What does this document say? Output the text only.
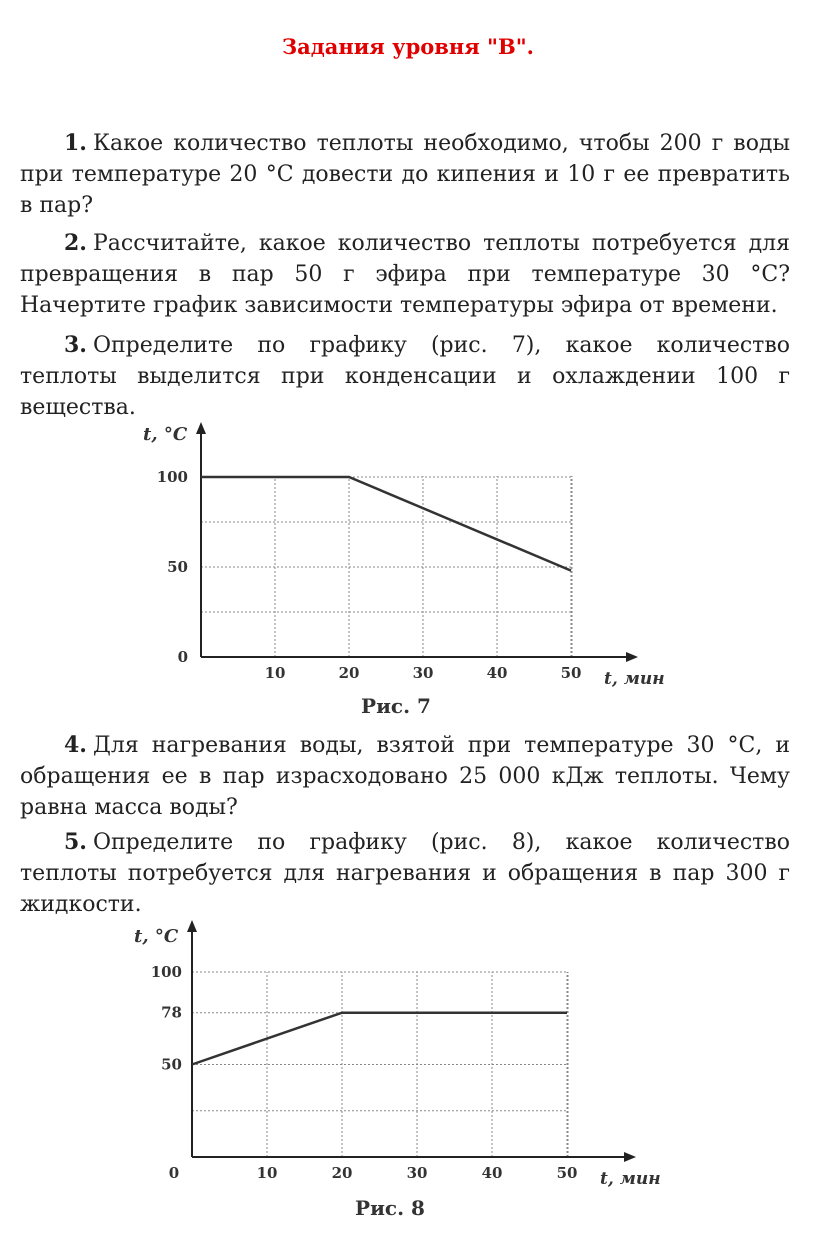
Задания уровня "В".
1. Какое количество теплоты необходимо, чтобы 200 г воды при температуре 20 °С довести до кипения и 10 г ее превратить в пар?
2. Рассчитайте, какое количество теплоты потребуется для превращения в пар 50 г эфира при температуре 30 °С? Начертите график зависимости температуры эфира от времени.
3. Определите по графику (рис. 7), какое количество теплоты выделится при конденсации и охлаждении 100 г вещества.
10	20	30	40	50
0
50
100
t, мин
t, °С
Рис. 7
4. Для нагревания воды, взятой при температуре 30 °С, и обращения ее в пар израсходовано 25 000 кДж теплоты. Чему равна масса воды?
5. Определите по графику (рис. 8), какое количество теплоты потребуется для нагревания и обращения в пар 300 г жидкости.
0	10	20	30	40	50
50
78
100
t, мин
t, °С
Рис. 8
